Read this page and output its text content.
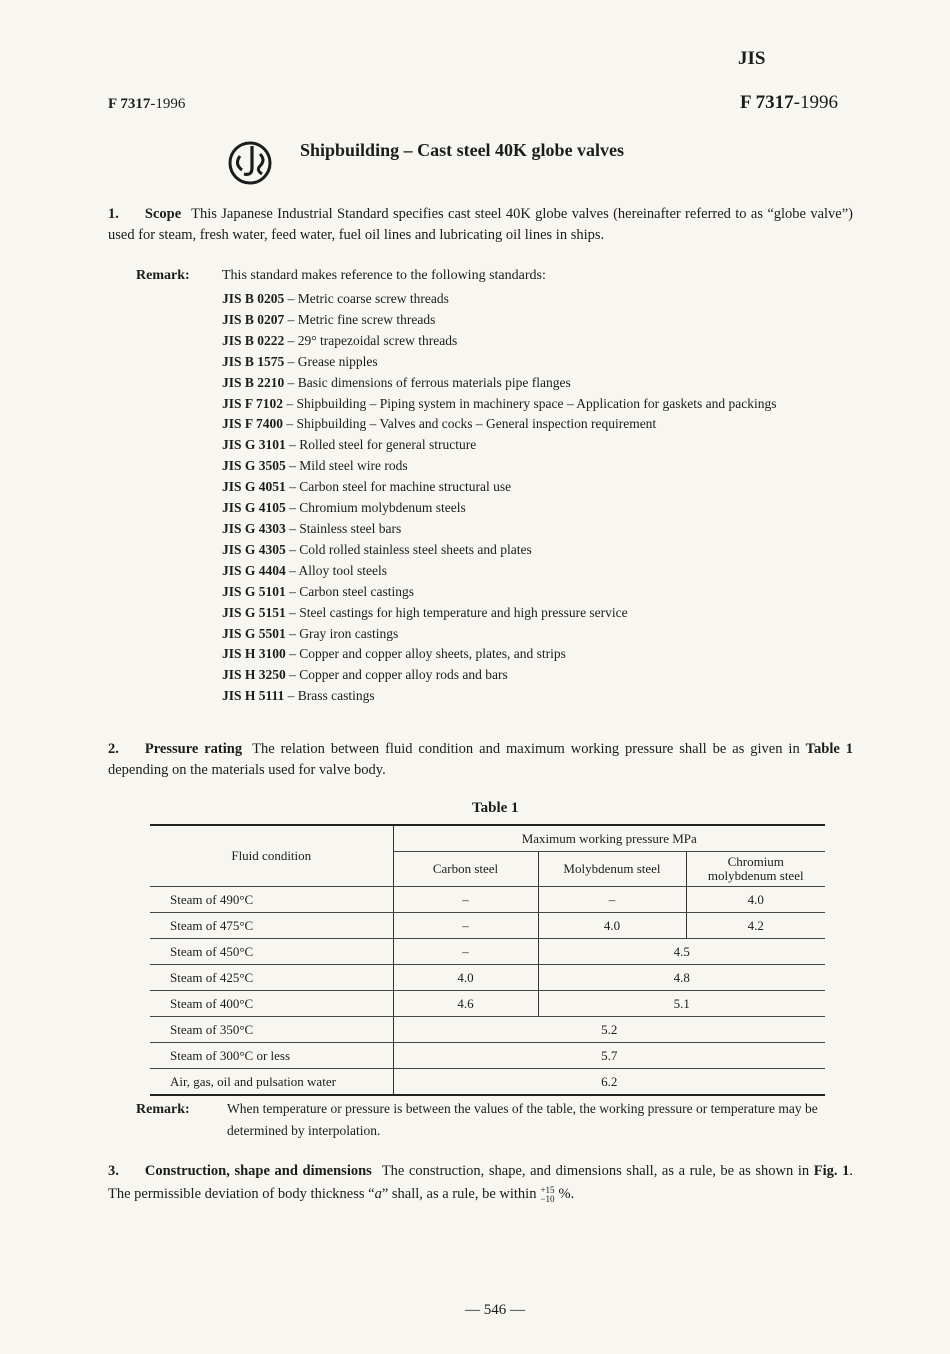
F 7317-1996
JIS
F 7317-1996
Shipbuilding – Cast steel 40K globe valves
1. Scope This Japanese Industrial Standard specifies cast steel 40K globe valves (hereinafter referred to as “globe valve”) used for steam, fresh water, feed water, fuel oil lines and lubricating oil lines in ships.
Remark: This standard makes reference to the following standards:
JIS B 0205 – Metric coarse screw threads
JIS B 0207 – Metric fine screw threads
JIS B 0222 – 29° trapezoidal screw threads
JIS B 1575 – Grease nipples
JIS B 2210 – Basic dimensions of ferrous materials pipe flanges
JIS F 7102 – Shipbuilding – Piping system in machinery space – Application for gaskets and packings
JIS F 7400 – Shipbuilding – Valves and cocks – General inspection requirement
JIS G 3101 – Rolled steel for general structure
JIS G 3505 – Mild steel wire rods
JIS G 4051 – Carbon steel for machine structural use
JIS G 4105 – Chromium molybdenum steels
JIS G 4303 – Stainless steel bars
JIS G 4305 – Cold rolled stainless steel sheets and plates
JIS G 4404 – Alloy tool steels
JIS G 5101 – Carbon steel castings
JIS G 5151 – Steel castings for high temperature and high pressure service
JIS G 5501 – Gray iron castings
JIS H 3100 – Copper and copper alloy sheets, plates, and strips
JIS H 3250 – Copper and copper alloy rods and bars
JIS H 5111 – Brass castings
2. Pressure rating The relation between fluid condition and maximum working pressure shall be as given in Table 1 depending on the materials used for valve body.
Table 1
Fluid condition	Maximum working pressure MPa		
	Carbon steel	Molybdenum steel	Chromium
molybdenum steel
Steam of 490°C	–	–	4.0
Steam of 475°C	–	4.0	4.2
Steam of 450°C	–	4.5	
Steam of 425°C	4.0	4.8	
Steam of 400°C	4.6	5.1	
Steam of 350°C	5.2		
Steam of 300°C or less	5.7		
Air, gas, oil and pulsation water	6.2		
Remark:	When temperature or pressure is between the values of the table, the working pressure or temperature may be determined by interpolation.
3. Construction, shape and dimensions The construction, shape, and dimensions shall, as a rule, be as shown in Fig. 1. The permissible deviation of body thickness “a” shall, as a rule, be within +15
−10 %.
— 546 —
